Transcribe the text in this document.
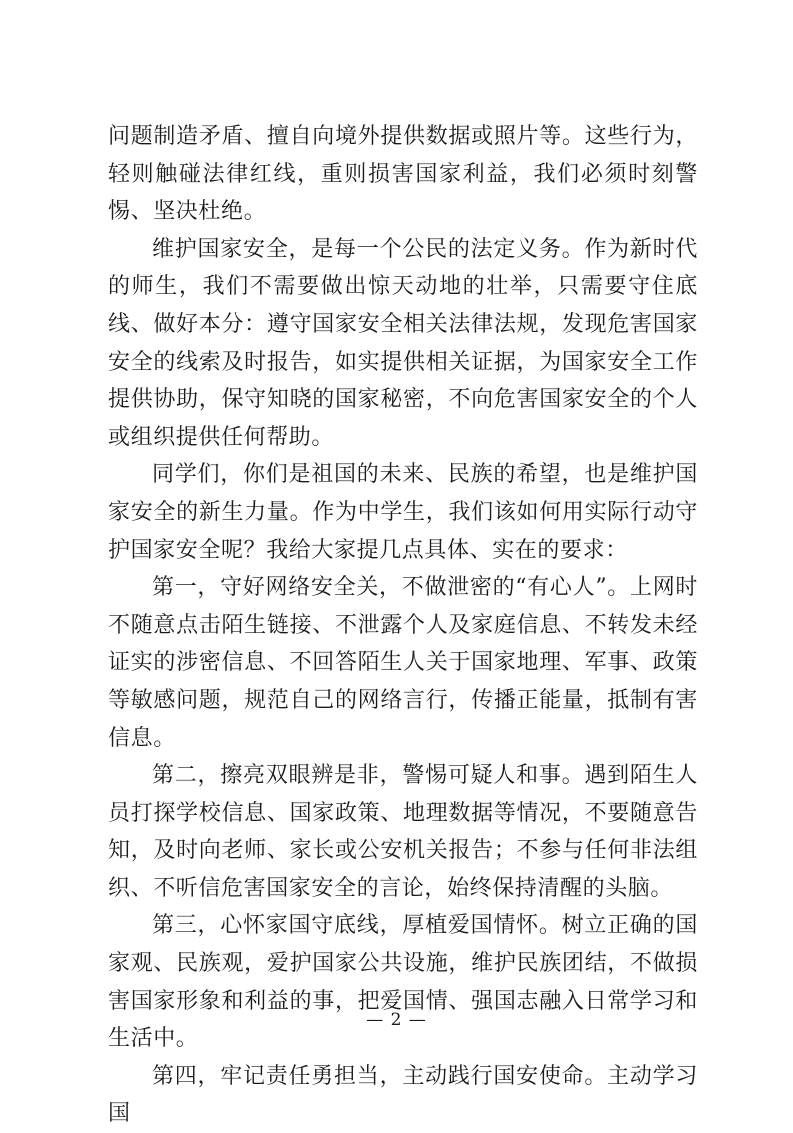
问题制造矛盾、擅自向境外提供数据或照片等。这些行为，轻则触碰法律红线，重则损害国家利益，我们必须时刻警惕、坚决杜绝。

维护国家安全，是每一个公民的法定义务。作为新时代的师生，我们不需要做出惊天动地的壮举，只需要守住底线、做好本分：遵守国家安全相关法律法规，发现危害国家安全的线索及时报告，如实提供相关证据，为国家安全工作提供协助，保守知晓的国家秘密，不向危害国家安全的个人或组织提供任何帮助。

同学们，你们是祖国的未来、民族的希望，也是维护国家安全的新生力量。作为中学生，我们该如何用实际行动守护国家安全呢？我给大家提几点具体、实在的要求：

第一，守好网络安全关，不做泄密的“有心人”。上网时不随意点击陌生链接、不泄露个人及家庭信息、不转发未经证实的涉密信息、不回答陌生人关于国家地理、军事、政策等敏感问题，规范自己的网络言行，传播正能量，抵制有害信息。

第二，擦亮双眼辨是非，警惕可疑人和事。遇到陌生人员打探学校信息、国家政策、地理数据等情况，不要随意告知，及时向老师、家长或公安机关报告；不参与任何非法组织、不听信危害国家安全的言论，始终保持清醒的头脑。

第三，心怀家国守底线，厚植爱国情怀。树立正确的国家观、民族观，爱护国家公共设施，维护民族团结，不做损害国家形象和利益的事，把爱国情、强国志融入日常学习和生活中。

第四，牢记责任勇担当，主动践行国安使命。主动学习国

— 2 —
